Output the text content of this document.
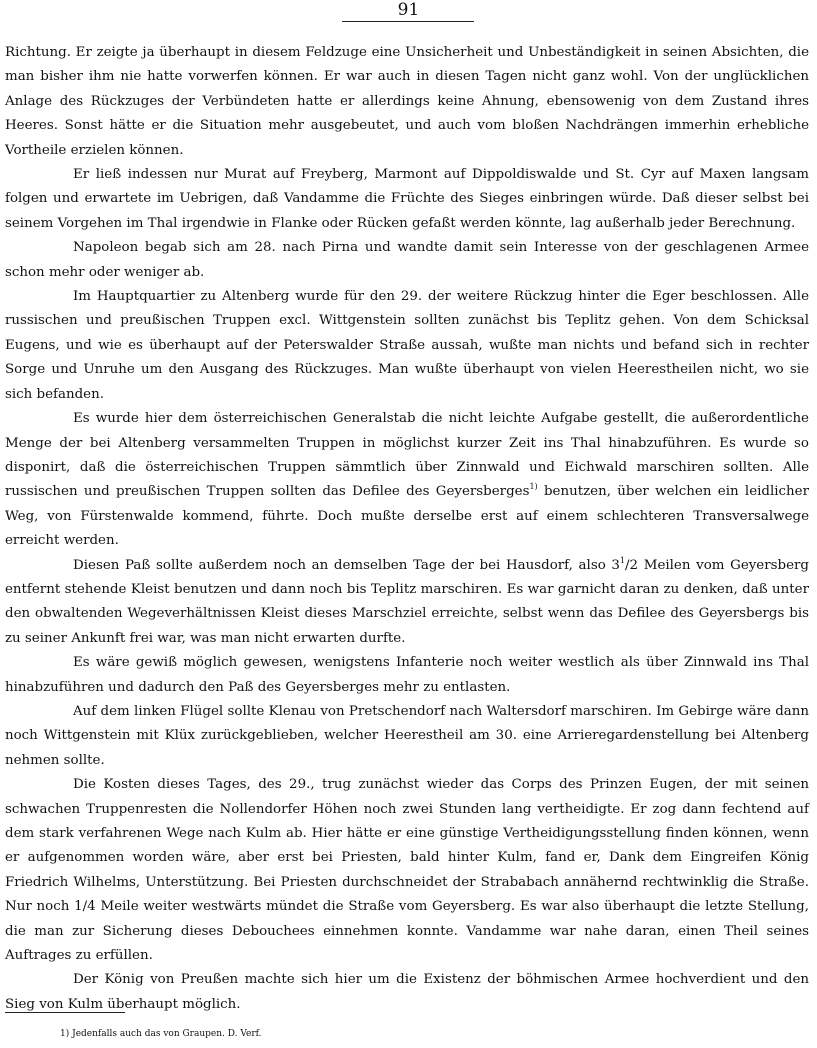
91

Richtung. Er zeigte ja überhaupt in diesem Feldzuge eine Unsicherheit und Unbeständigkeit in seinen Absichten, die man bisher ihm nie hatte vorwerfen können. Er war auch in diesen Tagen nicht ganz wohl. Von der unglücklichen Anlage des Rückzuges der Verbündeten hatte er allerdings keine Ahnung, ebensowenig von dem Zustand ihres Heeres. Sonst hätte er die Situation mehr ausgebeutet, und auch vom bloßen Nachdrängen immerhin erhebliche Vortheile erzielen können.

Er ließ indessen nur Murat auf Freyberg, Marmont auf Dippoldiswalde und St. Cyr auf Maxen langsam folgen und erwartete im Uebrigen, daß Vandamme die Früchte des Sieges einbringen würde. Daß dieser selbst bei seinem Vorgehen im Thal irgendwie in Flanke oder Rücken gefaßt werden könnte, lag außerhalb jeder Berechnung.

Napoleon begab sich am 28. nach Pirna und wandte damit sein Interesse von der geschlagenen Armee schon mehr oder weniger ab.

Im Hauptquartier zu Altenberg wurde für den 29. der weitere Rückzug hinter die Eger beschlossen. Alle russischen und preußischen Truppen excl. Wittgenstein sollten zunächst bis Teplitz gehen. Von dem Schicksal Eugens, und wie es überhaupt auf der Peterswalder Straße aussah, wußte man nichts und befand sich in rechter Sorge und Unruhe um den Ausgang des Rückzuges. Man wußte überhaupt von vielen Heerestheilen nicht, wo sie sich befanden.

Es wurde hier dem österreichischen Generalstab die nicht leichte Aufgabe gestellt, die außerordentliche Menge der bei Altenberg versammelten Truppen in möglichst kurzer Zeit ins Thal hinabzuführen. Es wurde so disponirt, daß die österreichischen Truppen sämmtlich über Zinnwald und Eichwald marschiren sollten. Alle russischen und preußischen Truppen sollten das Defilee des Geyersberges$^{1)}$ benutzen, über welchen ein leidlicher Weg, von Fürstenwalde kommend, führte. Doch mußte derselbe erst auf einem schlechteren Transversalwege erreicht werden.

Diesen Paß sollte außerdem noch an demselben Tage der bei Hausdorf, also $3^1/2$ Meilen vom Geyersberg entfernt stehende Kleist benutzen und dann noch bis Teplitz marschiren. Es war garnicht daran zu denken, daß unter den obwaltenden Wegeverhältnissen Kleist dieses Marschziel erreichte, selbst wenn das Defilee des Geyersbergs bis zu seiner Ankunft frei war, was man nicht erwarten durfte.

Es wäre gewiß möglich gewesen, wenigstens Infanterie noch weiter westlich als über Zinnwald ins Thal hinabzuführen und dadurch den Paß des Geyersberges mehr zu entlasten.

Auf dem linken Flügel sollte Klenau von Pretschendorf nach Waltersdorf marschiren. Im Gebirge wäre dann noch Wittgenstein mit Klüx zurückgeblieben, welcher Heerestheil am 30. eine Arrieregardenstellung bei Altenberg nehmen sollte.

Die Kosten dieses Tages, des 29., trug zunächst wieder das Corps des Prinzen Eugen, der mit seinen schwachen Truppenresten die Nollendorfer Höhen noch zwei Stunden lang vertheidigte. Er zog dann fechtend auf dem stark verfahrenen Wege nach Kulm ab. Hier hätte er eine günstige Vertheidigungsstellung finden können, wenn er aufgenommen worden wäre, aber erst bei Priesten, bald hinter Kulm, fand er, Dank dem Eingreifen König Friedrich Wilhelms, Unterstützung. Bei Priesten durchschneidet der Strababach annähernd rechtwinklig die Straße. Nur noch 1/4 Meile weiter westwärts mündet die Straße vom Geyersberg. Es war also überhaupt die letzte Stellung, die man zur Sicherung dieses Debouchees einnehmen konnte. Vandamme war nahe daran, einen Theil seines Auftrages zu erfüllen.

Der König von Preußen machte sich hier um die Existenz der böhmischen Armee hochverdient und den Sieg von Kulm überhaupt möglich.

1) Jedenfalls auch das von Graupen. D. Verf.
